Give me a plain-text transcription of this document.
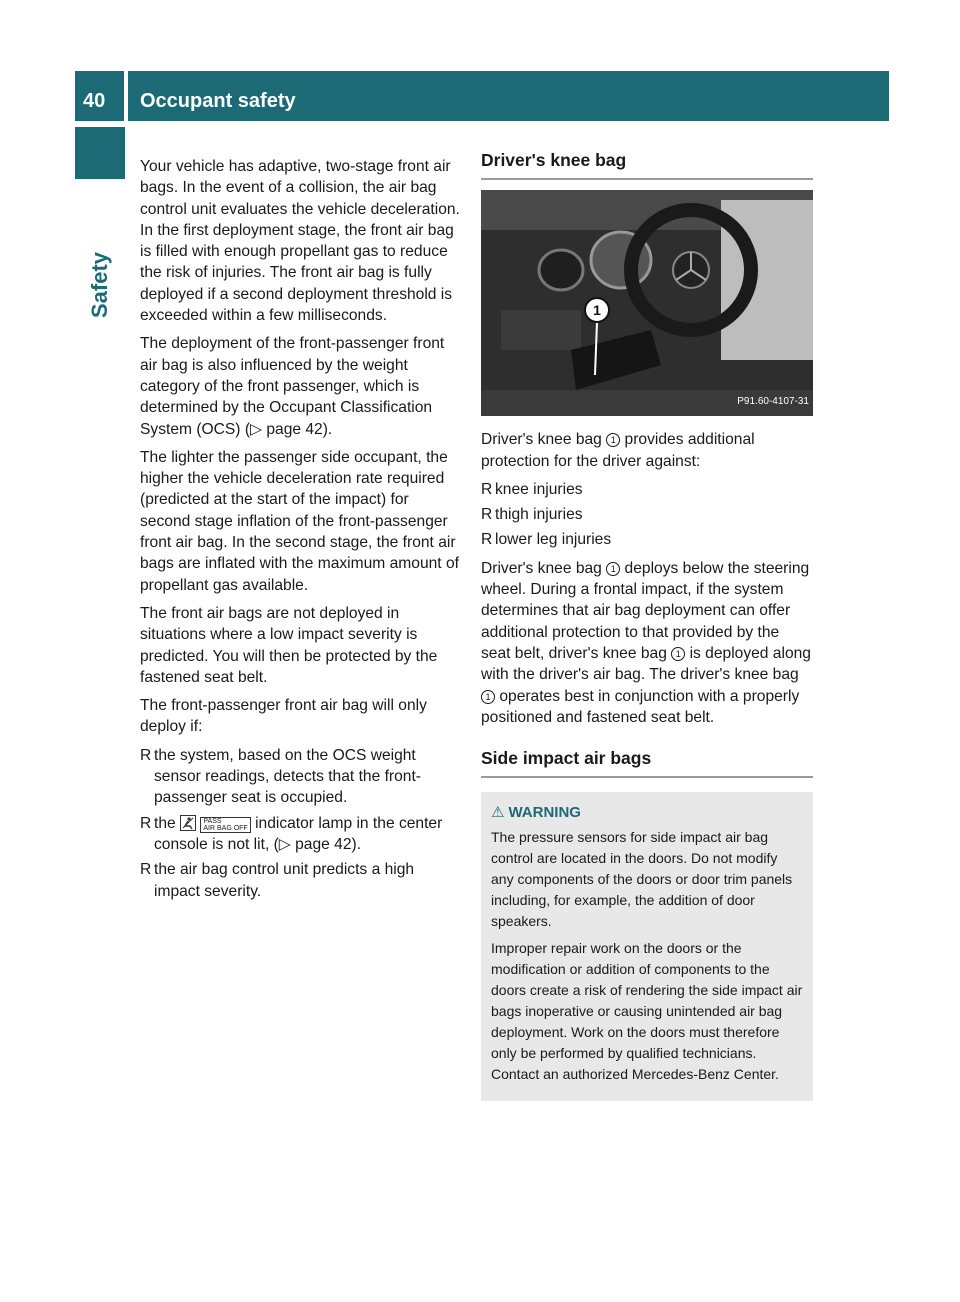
40 Occupant safety
Safety

Your vehicle has adaptive, two-stage front air bags. In the event of a collision, the air bag control unit evaluates the vehicle deceleration. In the first deployment stage, the front air bag is filled with enough propellant gas to reduce the risk of injuries. The front air bag is fully deployed if a second deployment threshold is exceeded within a few milliseconds.

The deployment of the front-passenger front air bag is also influenced by the weight category of the front passenger, which is determined by the Occupant Classification System (OCS) (▷ page 42).

The lighter the passenger side occupant, the higher the vehicle deceleration rate required (predicted at the start of the impact) for second stage inflation of the front-passenger front air bag. In the second stage, the front air bags are inflated with the maximum amount of propellant gas available.

The front air bags are not deployed in situations where a low impact severity is predicted. You will then be protected by the fastened seat belt.

The front-passenger front air bag will only deploy if:

R the system, based on the OCS weight sensor readings, detects that the front-passenger seat is occupied.
R the	PASS
AIR BAG OFF indicator lamp in the center console is not lit, (▷ page 42).
R the air bag control unit predicts a high impact severity.
Driver's knee bag
1
P91.60-4107-31

Driver's knee bag 1 provides additional protection for the driver against:

R knee injuries
R thigh injuries
R lower leg injuries

Driver's knee bag 1 deploys below the steering wheel. During a frontal impact, if the system determines that air bag deployment can offer additional protection to that provided by the seat belt, driver's knee bag 1 is deployed along with the driver's air bag. The driver's knee bag 1 operates best in conjunction with a properly positioned and fastened seat belt.

Side impact air bags
⚠ WARNING

The pressure sensors for side impact air bag control are located in the doors. Do not modify any components of the doors or door trim panels including, for example, the addition of door speakers.

Improper repair work on the doors or the modification or addition of components to the doors create a risk of rendering the side impact air bags inoperative or causing unintended air bag deployment. Work on the doors must therefore only be performed by qualified technicians. Contact an authorized Mercedes-Benz Center.
